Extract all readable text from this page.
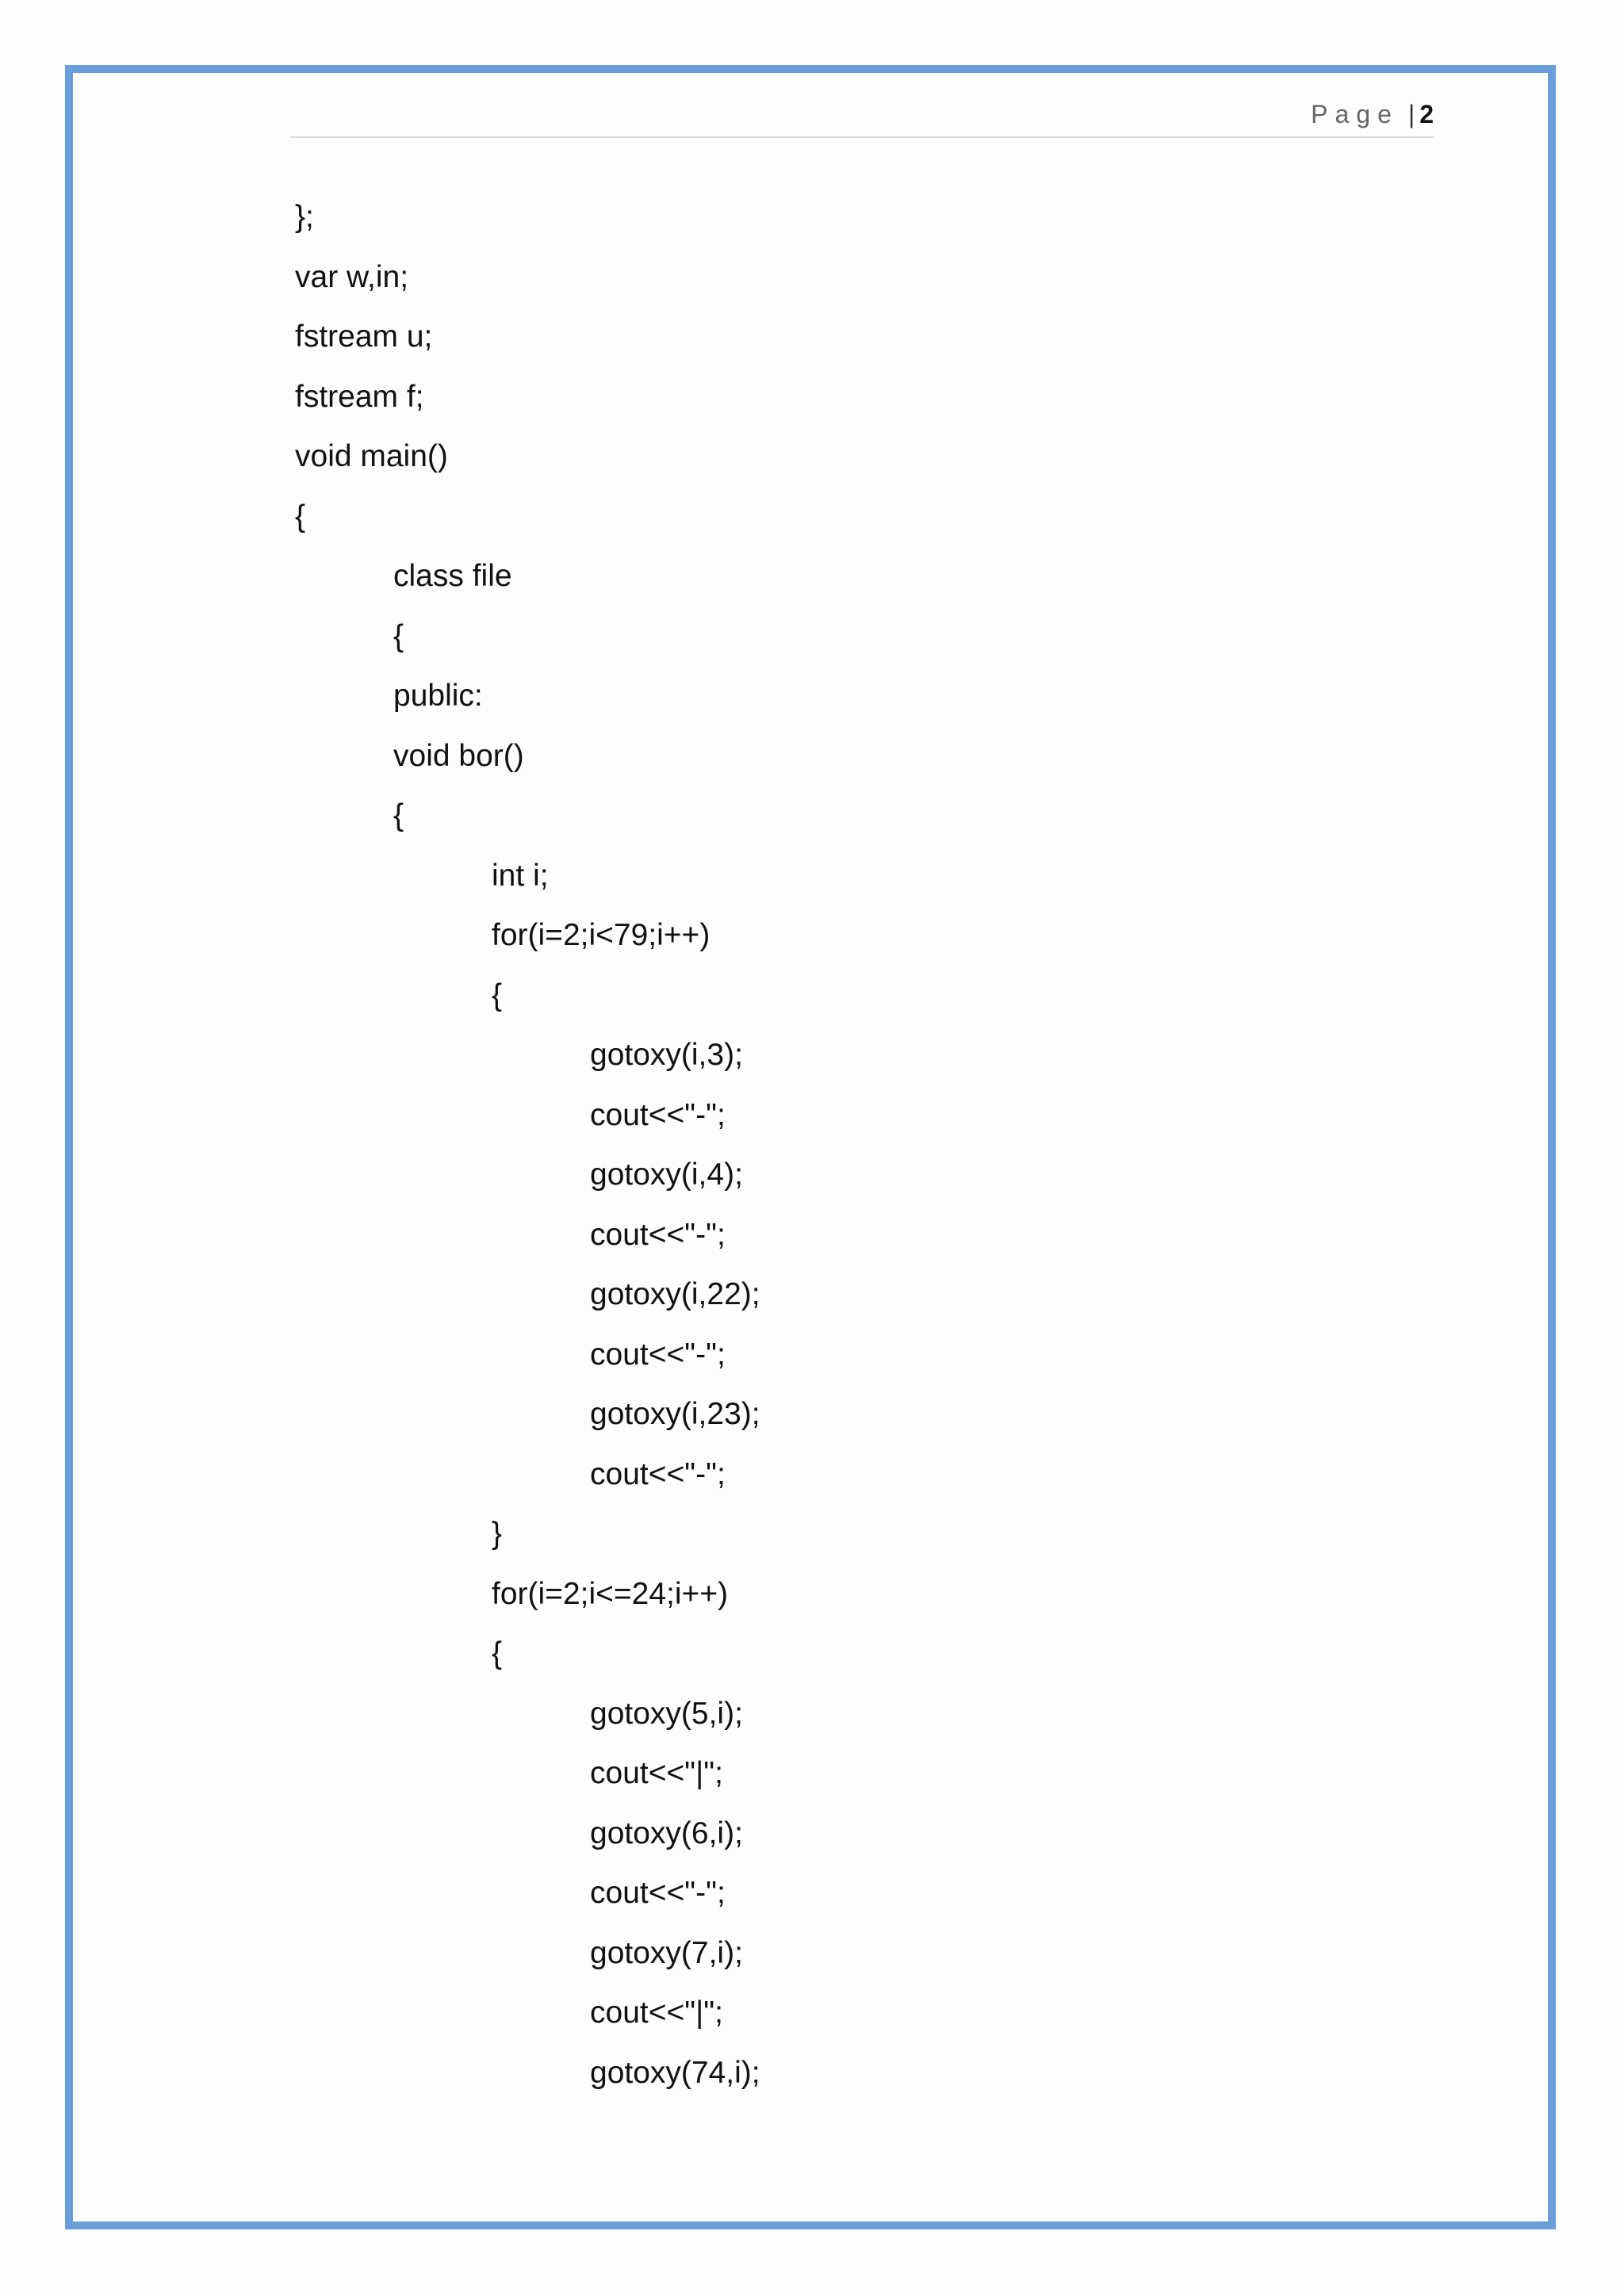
Page | 2
};
var w,in;
fstream u;
fstream f;
void main()
{
class file
{
public:
void bor()
{
int i;
for(i=2;i<79;i++)
{
gotoxy(i,3);
cout<<"-";
gotoxy(i,4);
cout<<"-";
gotoxy(i,22);
cout<<"-";
gotoxy(i,23);
cout<<"-";
}
for(i=2;i<=24;i++)
{
gotoxy(5,i);
cout<<"|";
gotoxy(6,i);
cout<<"-";
gotoxy(7,i);
cout<<"|";
gotoxy(74,i);
